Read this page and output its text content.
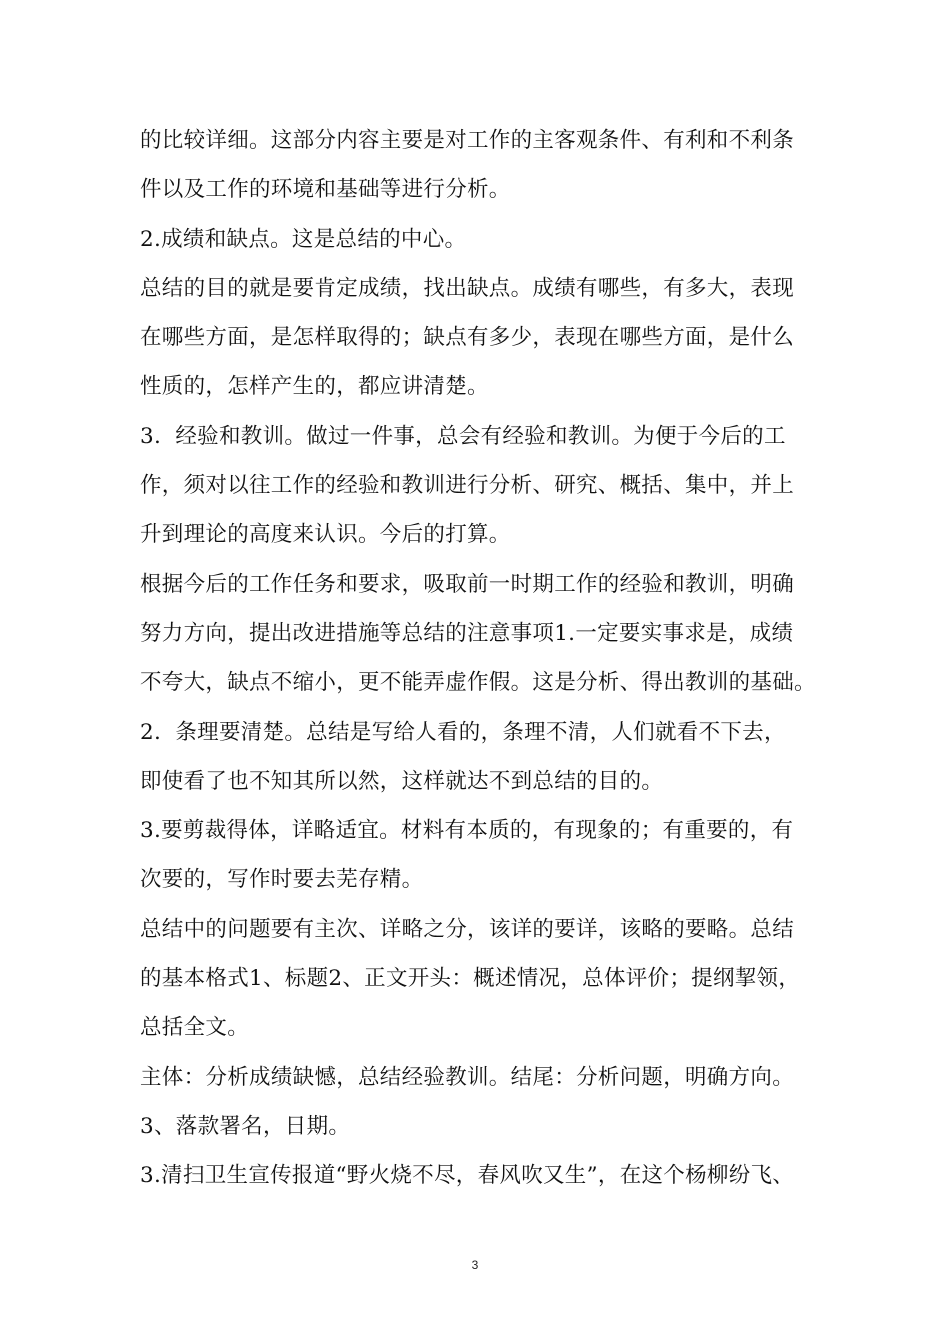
的比较详细。这部分内容主要是对工作的主客观条件、有利和不利条
件以及工作的环境和基础等进行分析。
2.成绩和缺点。这是总结的中心。
总结的目的就是要肯定成绩，找出缺点。成绩有哪些，有多大，表现
在哪些方面，是怎样取得的；缺点有多少，表现在哪些方面，是什么
性质的，怎样产生的，都应讲清楚。
3.  经验和教训。做过一件事，总会有经验和教训。为便于今后的工
作，须对以往工作的经验和教训进行分析、研究、概括、集中，并上
升到理论的高度来认识。今后的打算。
根据今后的工作任务和要求，吸取前一时期工作的经验和教训，明确
努力方向，提出改进措施等总结的注意事项1.一定要实事求是，成绩
不夸大，缺点不缩小，更不能弄虚作假。这是分析、得出教训的基础。
2.  条理要清楚。总结是写给人看的，条理不清，人们就看不下去，
即使看了也不知其所以然，这样就达不到总结的目的。
3.要剪裁得体，详略适宜。材料有本质的，有现象的；有重要的，有
次要的，写作时要去芜存精。
总结中的问题要有主次、详略之分，该详的要详，该略的要略。总结
的基本格式1、标题2、正文开头：概述情况，总体评价；提纲挈领，
总括全文。
主体：分析成绩缺憾，总结经验教训。结尾：分析问题，明确方向。
3、落款署名，日期。
3.清扫卫生宣传报道“野火烧不尽，春风吹又生”，在这个杨柳纷飞、
3
